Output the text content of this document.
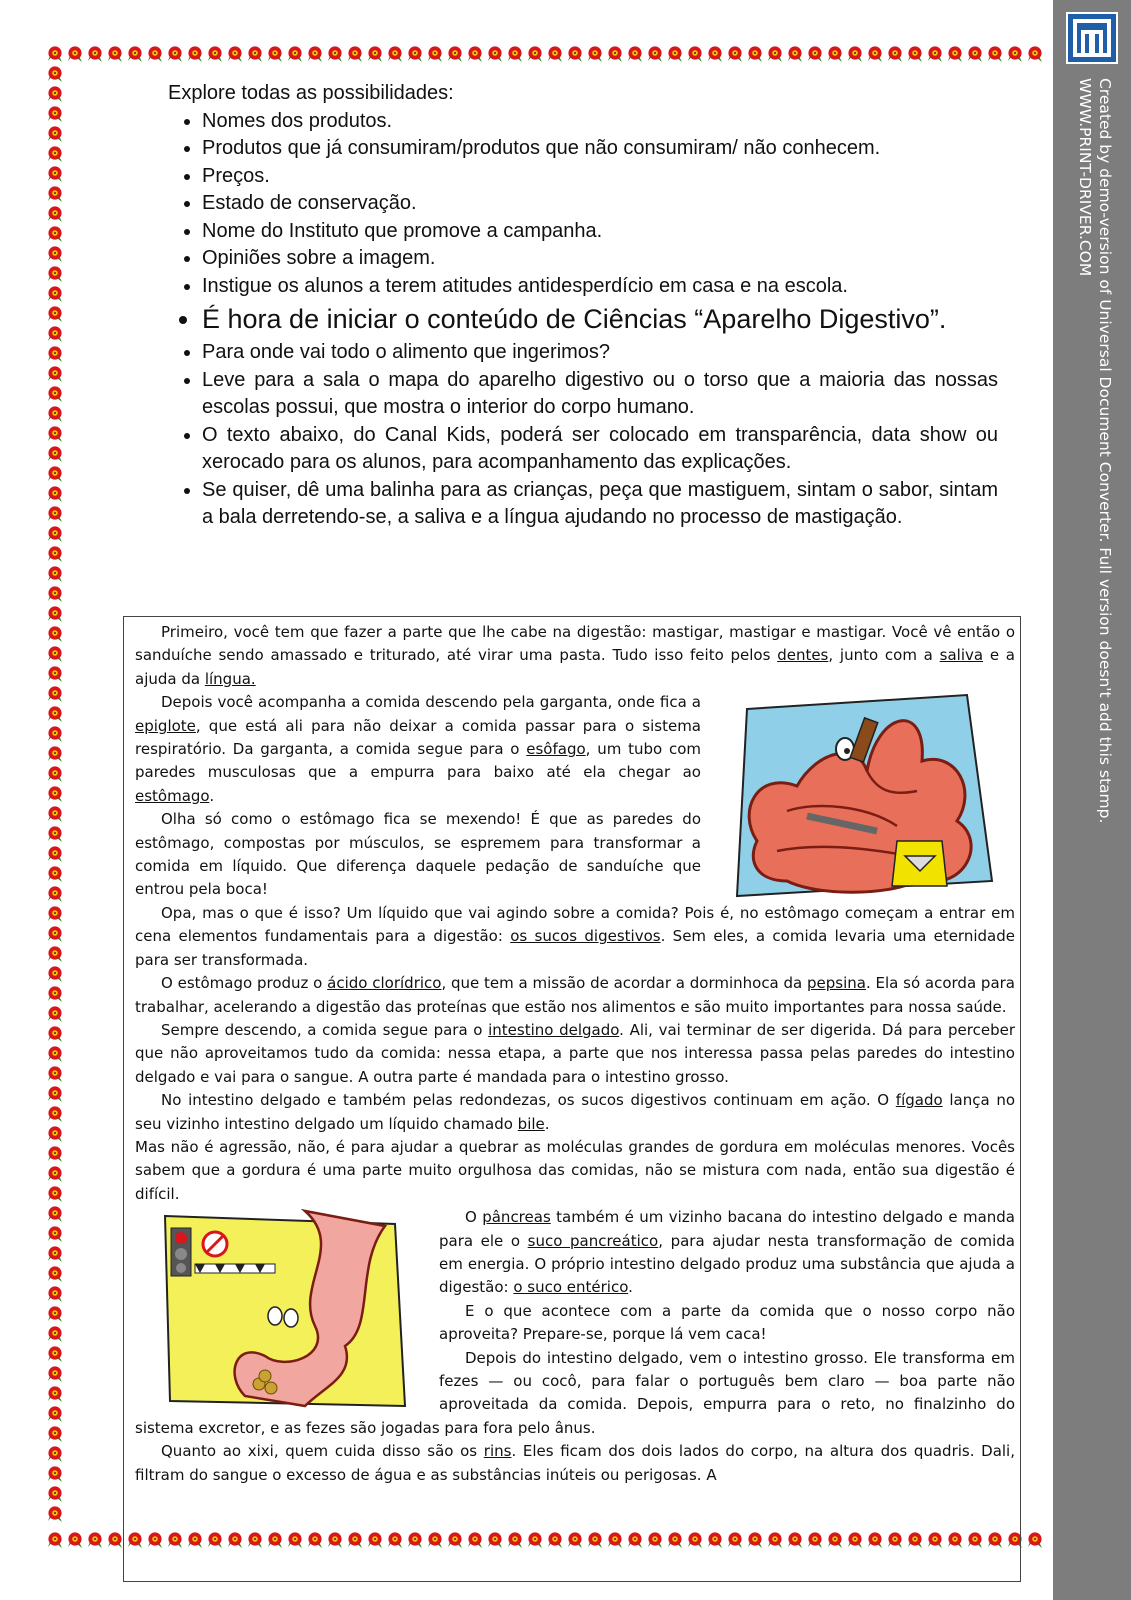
Created by demo-version of Universal Document Converter. Full version doesn't add this stamp.
WWW.PRINT-DRIVER.COM

Explore todas as possibilidades:

• Nomes dos produtos.
• Produtos que já consumiram/produtos que não consumiram/ não conhecem.
• Preços.
• Estado de conservação.
• Nome do Instituto que promove a campanha.
• Opiniões sobre a imagem.
• Instigue os alunos a terem atitudes antidesperdício em casa e na escola.
• É hora de iniciar o conteúdo de Ciências “Aparelho Digestivo”.
• Para onde vai todo o alimento que ingerimos?
• Leve para a sala o mapa do aparelho digestivo ou o torso que a maioria das nossas escolas possui, que mostra o interior do corpo humano.
• O texto abaixo, do Canal Kids, poderá ser colocado em transparência, data show ou xerocado para os alunos, para acompanhamento das explicações.
• Se quiser, dê uma balinha para as crianças, peça que mastiguem, sintam o sabor, sintam a bala derretendo-se, a saliva e a língua ajudando no processo de mastigação.

Primeiro, você tem que fazer a parte que lhe cabe na digestão: mastigar, mastigar e mastigar. Você vê então o sanduíche sendo amassado e triturado, até virar uma pasta. Tudo isso feito pelos dentes, junto com a saliva e a ajuda da língua.

Depois você acompanha a comida descendo pela garganta, onde fica a epiglote, que está ali para não deixar a comida passar para o sistema respiratório. Da garganta, a comida segue para o esôfago, um tubo com paredes musculosas que a empurra para baixo até ela chegar ao estômago.

Olha só como o estômago fica se mexendo! É que as paredes do estômago, compostas por músculos, se espremem para transformar a comida em líquido. Que diferença daquele pedação de sanduíche que entrou pela boca!

Opa, mas o que é isso? Um líquido que vai agindo sobre a comida? Pois é, no estômago começam a entrar em cena elementos fundamentais para a digestão: os sucos digestivos. Sem eles, a comida levaria uma eternidade para ser transformada.

O estômago produz o ácido clorídrico, que tem a missão de acordar a dorminhoca da pepsina. Ela só acorda para trabalhar, acelerando a digestão das proteínas que estão nos alimentos e são muito importantes para nossa saúde.

Sempre descendo, a comida segue para o intestino delgado. Ali, vai terminar de ser digerida. Dá para perceber que não aproveitamos tudo da comida: nessa etapa, a parte que nos interessa passa pelas paredes do intestino delgado e vai para o sangue. A outra parte é mandada para o intestino grosso.

No intestino delgado e também pelas redondezas, os sucos digestivos continuam em ação. O fígado lança no seu vizinho intestino delgado um líquido chamado bile.

Mas não é agressão, não, é para ajudar a quebrar as moléculas grandes de gordura em moléculas menores. Vocês sabem que a gordura é uma parte muito orgulhosa das comidas, não se mistura com nada, então sua digestão é difícil.

O pâncreas também é um vizinho bacana do intestino delgado e manda para ele o suco pancreático, para ajudar nesta transformação de comida em energia. O próprio intestino delgado produz uma substância que ajuda a digestão: o suco entérico.

E o que acontece com a parte da comida que o nosso corpo não aproveita? Prepare-se, porque lá vem caca!

Depois do intestino delgado, vem o intestino grosso. Ele transforma em fezes — ou cocô, para falar o português bem claro — boa parte não aproveitada da comida. Depois, empurra para o reto, no finalzinho do sistema excretor, e as fezes são jogadas para fora pelo ânus.

Quanto ao xixi, quem cuida disso são os rins. Eles ficam dos dois lados do corpo, na altura dos quadris. Dali, filtram do sangue o excesso de água e as substâncias inúteis ou perigosas. A
